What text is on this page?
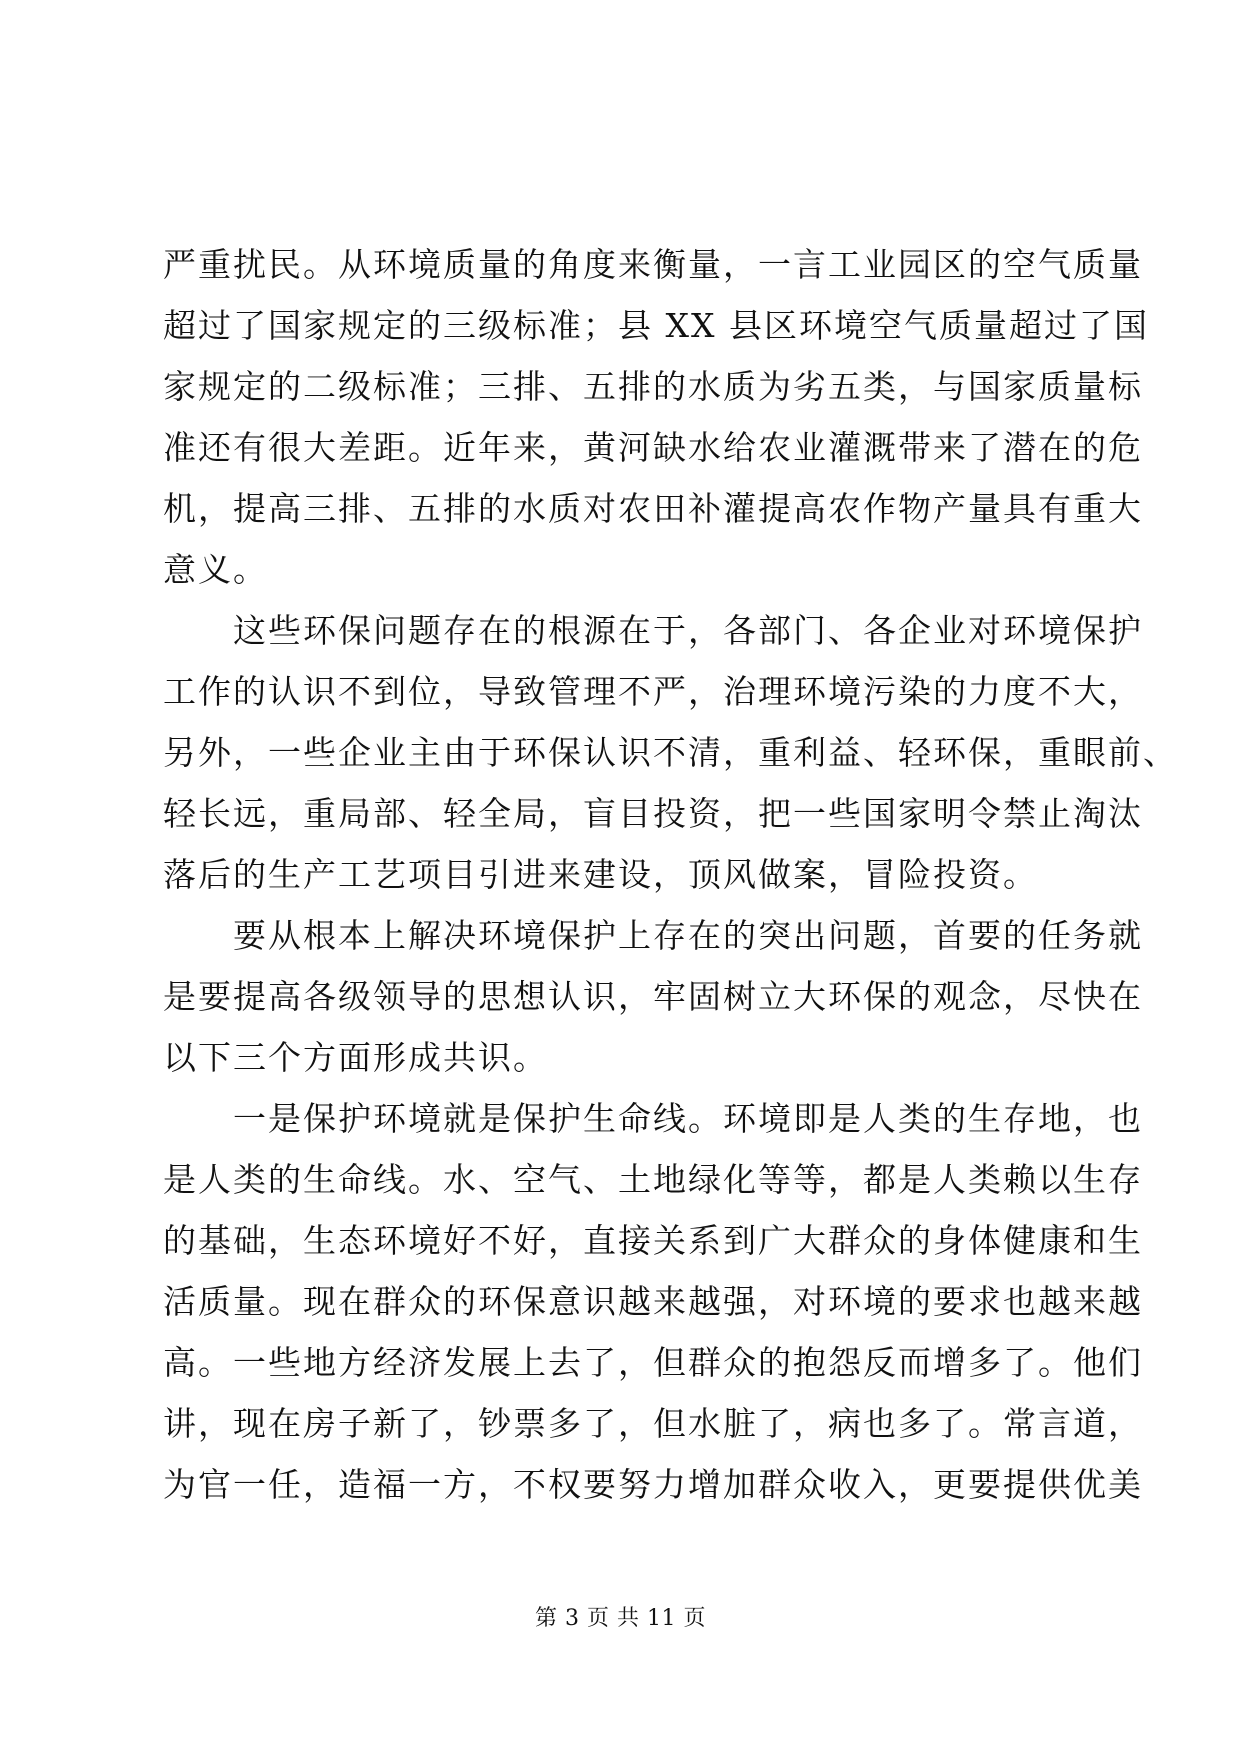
严重扰民。从环境质量的角度来衡量，一言工业园区的空气质量
超过了国家规定的三级标准；县 XX 县区环境空气质量超过了国
家规定的二级标准；三排、五排的水质为劣五类，与国家质量标
准还有很大差距。近年来，黄河缺水给农业灌溉带来了潜在的危
机，提高三排、五排的水质对农田补灌提高农作物产量具有重大
意义。
这些环保问题存在的根源在于，各部门、各企业对环境保护
工作的认识不到位，导致管理不严，治理环境污染的力度不大，
另外，一些企业主由于环保认识不清，重利益、轻环保，重眼前、
轻长远，重局部、轻全局，盲目投资，把一些国家明令禁止淘汰
落后的生产工艺项目引进来建设，顶风做案，冒险投资。
要从根本上解决环境保护上存在的突出问题，首要的任务就
是要提高各级领导的思想认识，牢固树立大环保的观念，尽快在
以下三个方面形成共识。
一是保护环境就是保护生命线。环境即是人类的生存地，也
是人类的生命线。水、空气、土地绿化等等，都是人类赖以生存
的基础，生态环境好不好，直接关系到广大群众的身体健康和生
活质量。现在群众的环保意识越来越强，对环境的要求也越来越
高。一些地方经济发展上去了，但群众的抱怨反而增多了。他们
讲，现在房子新了，钞票多了，但水脏了，病也多了。常言道，
为官一任，造福一方，不权要努力增加群众收入，更要提供优美
第 3 页 共 11 页
